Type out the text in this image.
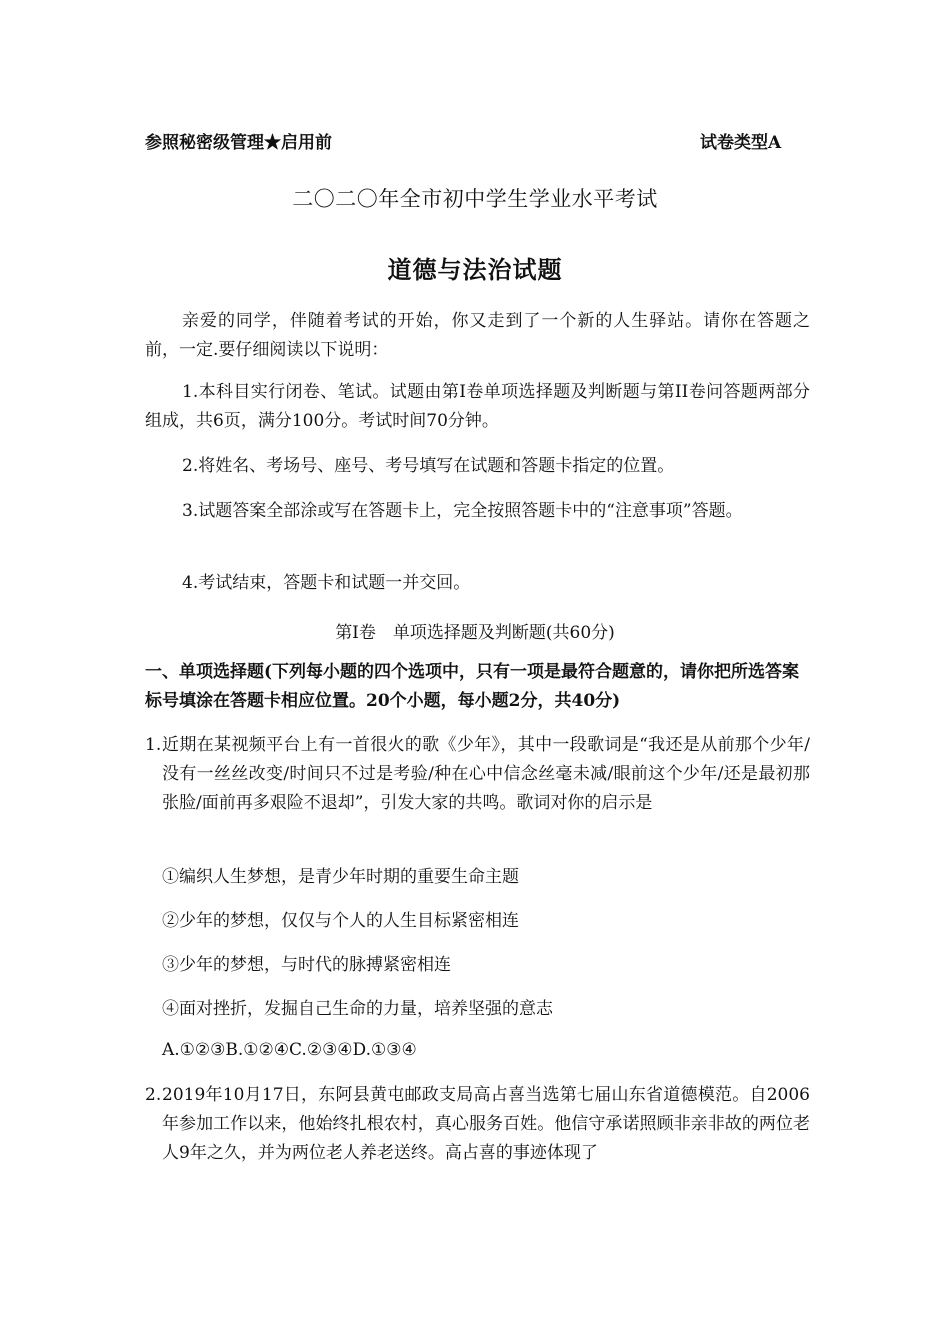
参照秘密级管理★启用前	试卷类型A
二〇二〇年全市初中学生学业水平考试
道德与法治试题
亲爱的同学，伴随着考试的开始，你又走到了一个新的人生驿站。请你在答题之前，一定.要仔细阅读以下说明：
1.本科目实行闭卷、笔试。试题由第I卷单项选择题及判断题与第II卷问答题两部分组成，共6页，满分100分。考试时间70分钟。
2.将姓名、考场号、座号、考号填写在试题和答题卡指定的位置。
3.试题答案全部涂或写在答题卡上，完全按照答题卡中的“注意事项”答题。
4.考试结束，答题卡和试题一并交回。
第I卷　单项选择题及判断题(共60分)
一、单项选择题(下列每小题的四个选项中，只有一项是最符合题意的，请你把所选答案标号填涂在答题卡相应位置。20个小题，每小题2分，共40分)
1. 近期在某视频平台上有一首很火的歌《少年》，其中一段歌词是“我还是从前那个少年/没有一丝丝改变/时间只不过是考验/种在心中信念丝毫未减/眼前这个少年/还是最初那张脸/面前再多艰险不退却”，引发大家的共鸣。歌词对你的启示是
①编织人生梦想，是青少年时期的重要生命主题
②少年的梦想，仅仅与个人的人生目标紧密相连
③少年的梦想，与时代的脉搏紧密相连
④面对挫折，发掘自己生命的力量，培养坚强的意志
A.①②③B.①②④C.②③④D.①③④
2. 2019年10月17日，东阿县黄屯邮政支局高占喜当选第七届山东省道德模范。自2006年参加工作以来，他始终扎根农村，真心服务百姓。他信守承诺照顾非亲非故的两位老人9年之久，并为两位老人养老送终。高占喜的事迹体现了
